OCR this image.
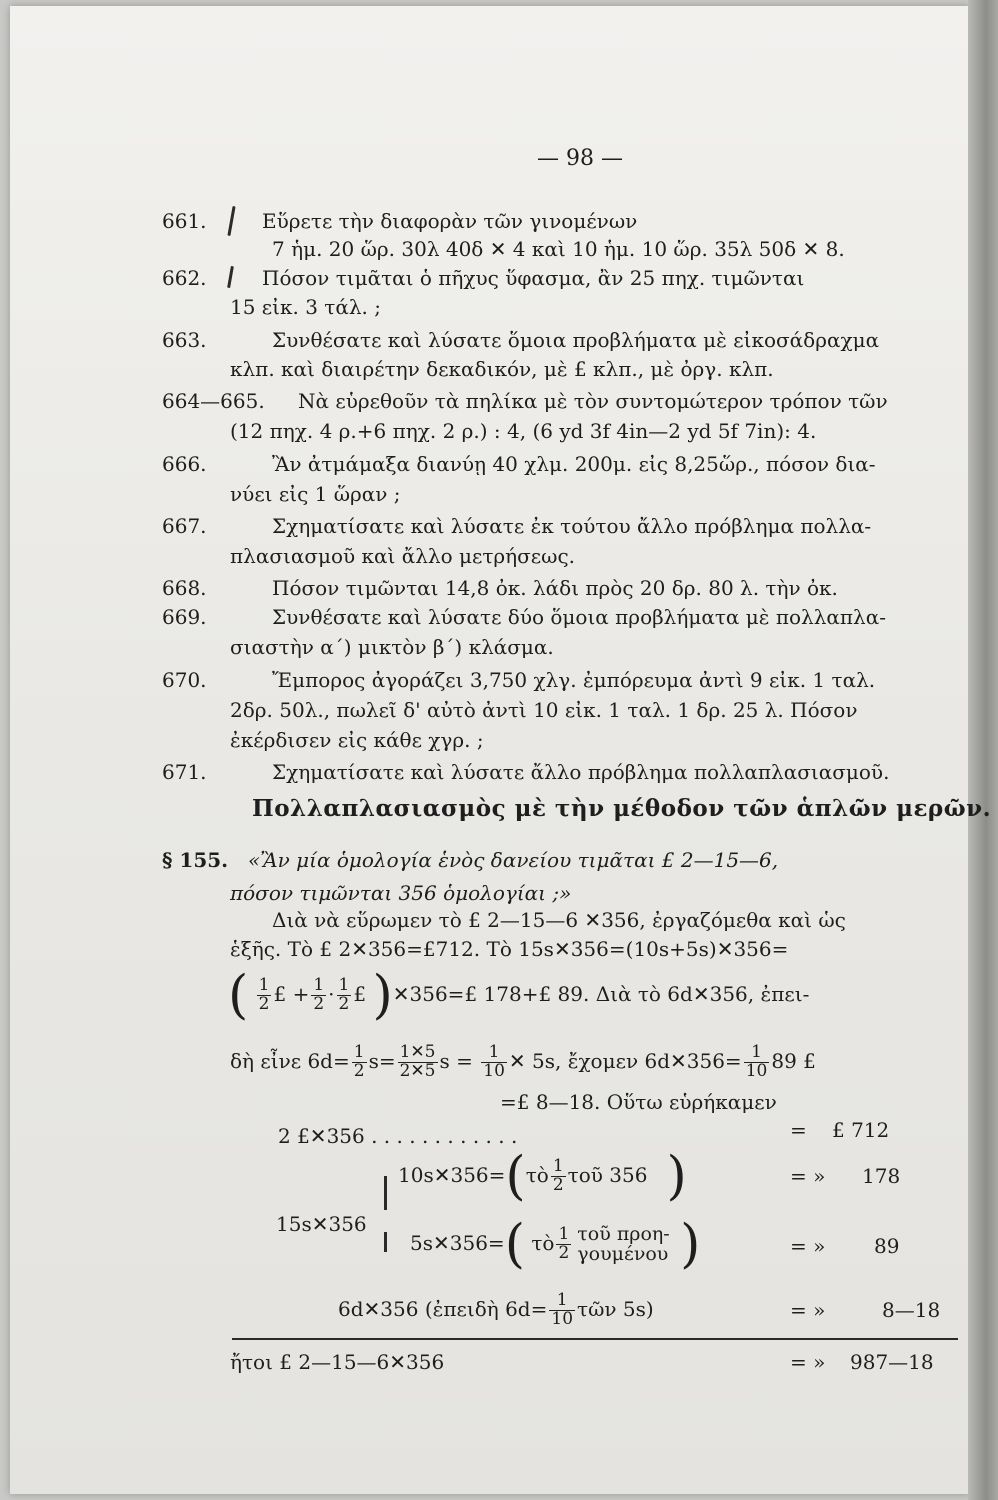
— 98 —
661.	Εὕρετε τὴν διαφορὰν τῶν γινομένων
7 ἡμ. 20 ὥρ. 30λ 40δ ✕ 4 καὶ 10 ἡμ. 10 ὥρ. 35λ 50δ ✕ 8.
662.	Πόσον τιμᾶται ὁ πῆχυς ὕφασμα, ἂν 25 πηχ. τιμῶνται
15 εἰκ. 3 τάλ. ;
663.	Συνθέσατε καὶ λύσατε ὅμοια προβλήματα μὲ εἰκοσάδραχμα
κλπ. καὶ διαιρέτην δεκαδικόν, μὲ £ κλπ., μὲ ὀργ. κλπ.
664—665. Νὰ εὑρεθοῦν τὰ πηλίκα μὲ τὸν συντομώτερον τρόπον τῶν
(12 πηχ. 4 ρ.+6 πηχ. 2 ρ.) : 4, (6 yd 3f 4in—2 yd 5f 7in): 4.
666.	Ἂν ἀτμάμαξα διανύῃ 40 χλμ. 200μ. εἰς 8,25ὥρ., πόσον δια-
νύει εἰς 1 ὥραν ;
667.	Σχηματίσατε καὶ λύσατε ἐκ τούτου ἄλλο πρόβλημα πολλα-
πλασιασμοῦ καὶ ἄλλο μετρήσεως.
668.	Πόσον τιμῶνται 14,8 ὀκ. λάδι πρὸς 20 δρ. 80 λ. τὴν ὀκ.
669.	Συνθέσατε καὶ λύσατε δύο ὅμοια προβλήματα μὲ πολλαπλα-
σιαστὴν α΄) μικτὸν β΄) κλάσμα.
670.	Ἔμπορος ἀγοράζει 3,750 χλγ. ἐμπόρευμα ἀντὶ 9 εἰκ. 1 ταλ.
2δρ. 50λ., πωλεῖ δ' αὐτὸ ἀντὶ 10 εἰκ. 1 ταλ. 1 δρ. 25 λ. Πόσον
ἐκέρδισεν εἰς κάθε χγρ. ;
671.	Σχηματίσατε καὶ λύσατε ἄλλο πρόβλημα πολλαπλασιασμοῦ.
Πολλαπλασιασμὸς μὲ τὴν μέθοδον τῶν ἁπλῶν μερῶν.
§ 155. «Ἂν μία ὁμολογία ἑνὸς δανείου τιμᾶται £ 2—15—6,
πόσον τιμῶνται 356 ὁμολογίαι ;»
Διὰ νὰ εὕρωμεν τὸ £ 2—15—6 ✕356, ἐργαζόμεθα καὶ ὡς
ἑξῆς. Τὸ £ 2✕356=£712. Τὸ 15s✕356=(10s+5s)✕356=
( $\frac{1}{2}$ £ + $\frac{1}{2} \cdot \frac{1}{2}$ £ )✕356=£ 178+£ 89. Διὰ τὸ 6d✕356, ἐπει-
δὴ εἶνε $6d= \frac{1}{2} s= \frac{1✕5}{2✕5}$ $s = \frac{1}{10}$ ✕ 5s, ἔχομεν 6d✕356= $\frac{1}{10} 89$ £
=£ 8—18. Οὕτω εὑρήκαμεν
2 £✕356 . . . . . . . . . . . .	= £ 712
10s✕356=(τὸ $\frac{1}{2}$ τοῦ 356 )	= » 178
15s✕356
5s✕356=( τὸ $\frac{1}{2}$ τοῦ προη-
γουμένου )	= » 89
6d✕356 (ἐπειδὴ $6d= \frac{1}{10}$ τῶν 5s)	= »	8—18
ἤτοι £ 2—15—6✕356	= » 987—18
